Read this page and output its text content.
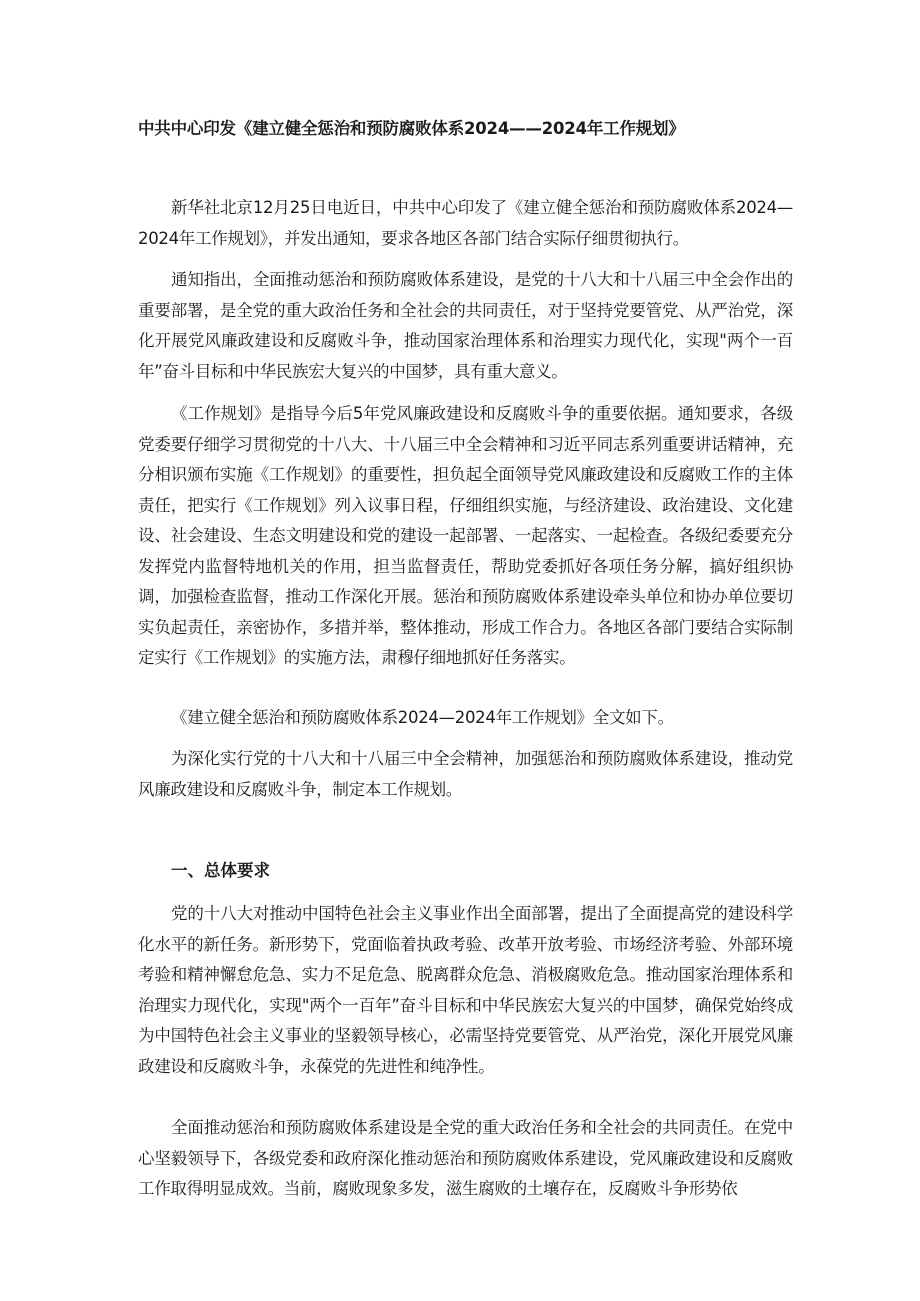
中共中心印发《建立健全惩治和预防腐败体系2024——2024年工作规划》

新华社北京12月25日电近日，中共中心印发了《建立健全惩治和预防腐败体系2024—2024年工作规划》，并发出通知，要求各地区各部门结合实际仔细贯彻执行。

通知指出，全面推动惩治和预防腐败体系建设，是党的十八大和十八届三中全会作出的重要部署，是全党的重大政治任务和全社会的共同责任，对于坚持党要管党、从严治党，深化开展党风廉政建设和反腐败斗争，推动国家治理体系和治理实力现代化，实现"两个一百年”奋斗目标和中华民族宏大复兴的中国梦，具有重大意义。

《工作规划》是指导今后5年党风廉政建设和反腐败斗争的重要依据。通知要求，各级党委要仔细学习贯彻党的十八大、十八届三中全会精神和习近平同志系列重要讲话精神，充分相识颁布实施《工作规划》的重要性，担负起全面领导党风廉政建设和反腐败工作的主体责任，把实行《工作规划》列入议事日程，仔细组织实施，与经济建设、政治建设、文化建设、社会建设、生态文明建设和党的建设一起部署、一起落实、一起检查。各级纪委要充分发挥党内监督特地机关的作用，担当监督责任，帮助党委抓好各项任务分解，搞好组织协调，加强检查监督，推动工作深化开展。惩治和预防腐败体系建设牵头单位和协办单位要切实负起责任，亲密协作，多措并举，整体推动，形成工作合力。各地区各部门要结合实际制定实行《工作规划》的实施方法，肃穆仔细地抓好任务落实。

《建立健全惩治和预防腐败体系2024—2024年工作规划》全文如下。

为深化实行党的十八大和十八届三中全会精神，加强惩治和预防腐败体系建设，推动党风廉政建设和反腐败斗争，制定本工作规划。

一、总体要求

党的十八大对推动中国特色社会主义事业作出全面部署，提出了全面提高党的建设科学化水平的新任务。新形势下，党面临着执政考验、改革开放考验、市场经济考验、外部环境考验和精神懈怠危急、实力不足危急、脱离群众危急、消极腐败危急。推动国家治理体系和治理实力现代化，实现"两个一百年”奋斗目标和中华民族宏大复兴的中国梦，确保党始终成为中国特色社会主义事业的坚毅领导核心，必需坚持党要管党、从严治党，深化开展党风廉政建设和反腐败斗争，永葆党的先进性和纯净性。

全面推动惩治和预防腐败体系建设是全党的重大政治任务和全社会的共同责任。在党中心坚毅领导下，各级党委和政府深化推动惩治和预防腐败体系建设，党风廉政建设和反腐败工作取得明显成效。当前，腐败现象多发，滋生腐败的土壤存在，反腐败斗争形势依
